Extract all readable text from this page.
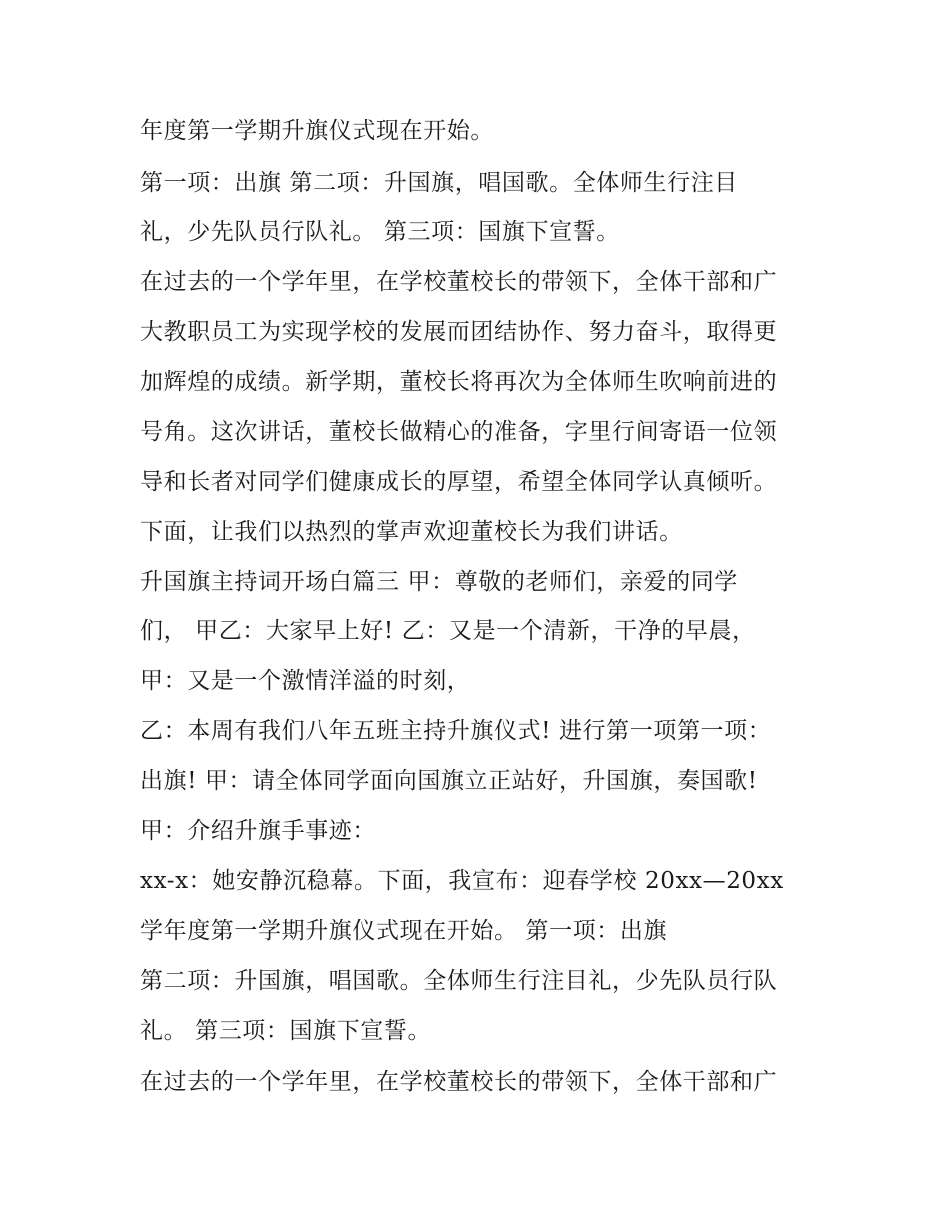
年度第一学期升旗仪式现在开始。
第一项：出旗 第二项：升国旗，唱国歌。全体师生行注目
礼，少先队员行队礼。 第三项：国旗下宣誓。
在过去的一个学年里，在学校董校长的带领下，全体干部和广
大教职员工为实现学校的发展而团结协作、努力奋斗，取得更
加辉煌的成绩。新学期，董校长将再次为全体师生吹响前进的
号角。这次讲话，董校长做精心的准备，字里行间寄语一位领
导和长者对同学们健康成长的厚望，希望全体同学认真倾听。
下面，让我们以热烈的掌声欢迎董校长为我们讲话。
升国旗主持词开场白篇三 甲：尊敬的老师们，亲爱的同学
们， 甲乙：大家早上好! 乙：又是一个清新，干净的早晨，
甲：又是一个激情洋溢的时刻，
乙：本周有我们八年五班主持升旗仪式! 进行第一项第一项：
出旗! 甲：请全体同学面向国旗立正站好，升国旗，奏国歌!
甲：介绍升旗手事迹：
xx-x：她安静沉稳幕。下面，我宣布：迎春学校 20xx—20xx
学年度第一学期升旗仪式现在开始。 第一项：出旗
第二项：升国旗，唱国歌。全体师生行注目礼，少先队员行队
礼。 第三项：国旗下宣誓。
在过去的一个学年里，在学校董校长的带领下，全体干部和广
